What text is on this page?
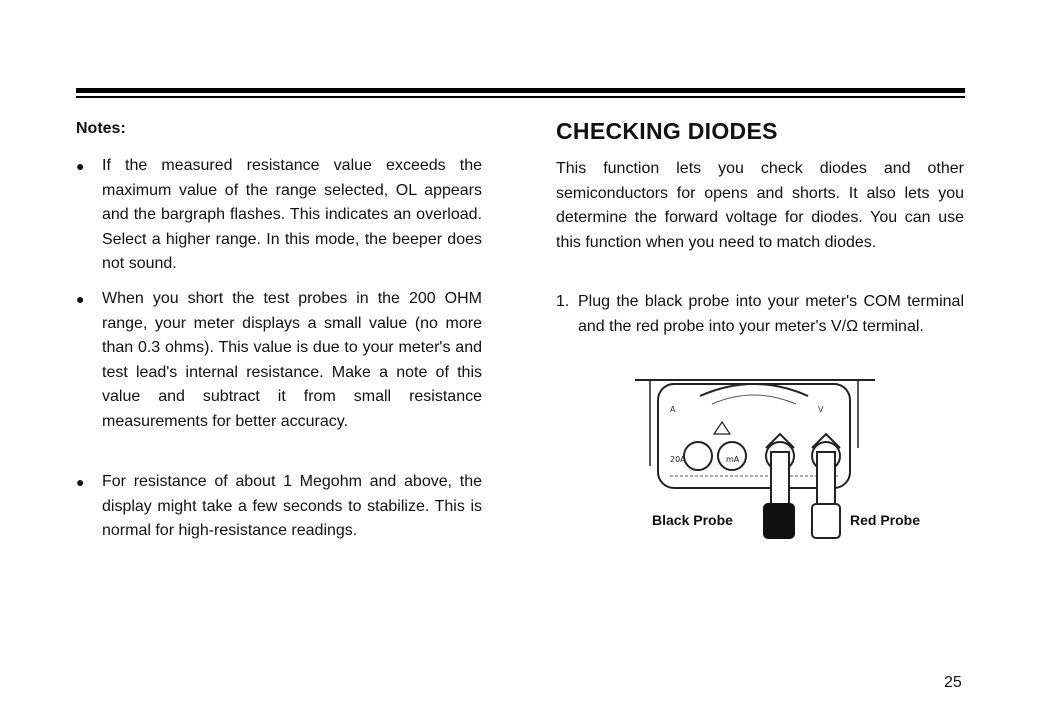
Notes:
●	If the measured resistance value exceeds the maximum value of the range selected, OL appears and the bargraph flashes. This indicates an overload. Select a higher range. In this mode, the beeper does not sound.
●	When you short the test probes in the 200 OHM range, your meter displays a small value (no more than 0.3 ohms). This value is due to your meter's and test lead's internal resistance. Make a note of this value and subtract it from small resistance measurements for better accuracy.
●	For resistance of about 1 Megohm and above, the display might take a few seconds to stabilize. This is normal for high-resistance readings.
CHECKING DIODES
This function lets you check diodes and other semiconductors for opens and shorts. It also lets you determine the forward voltage for diodes. You can use this function when you need to match diodes.
1. Plug the black probe into your meter's COM terminal and the red probe into your meter's V/Ω terminal.
A	V
20A	mA
Black Probe	Red Probe
25
